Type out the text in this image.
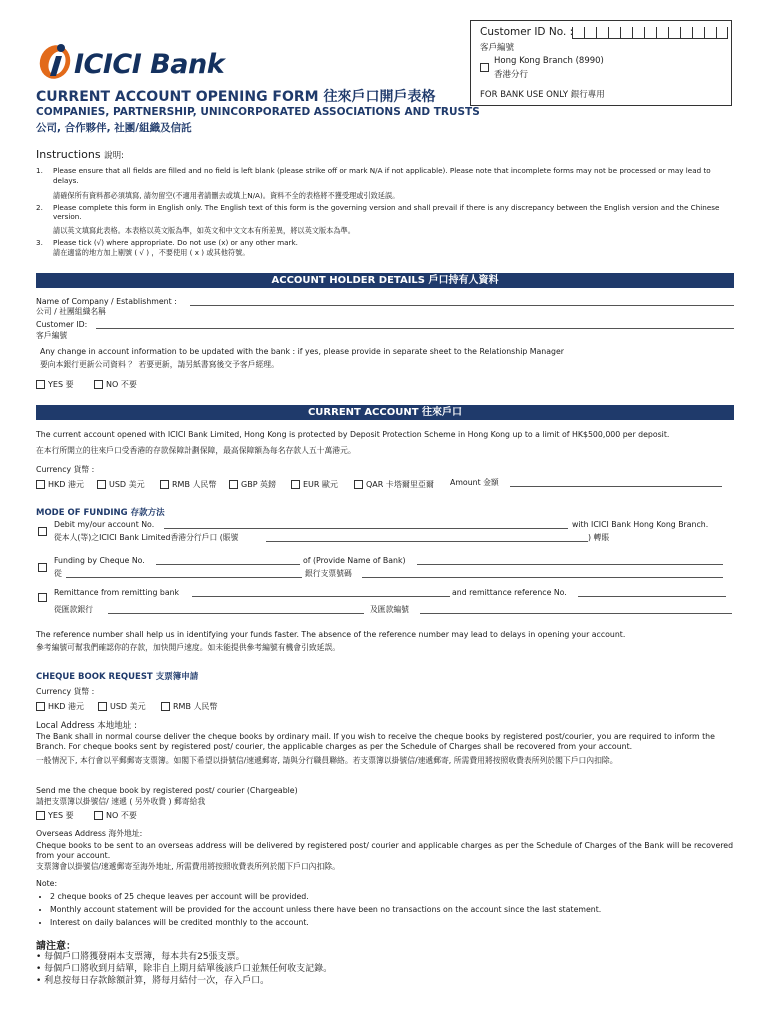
ICICI Bank
CURRENT ACCOUNT OPENING FORM 往來戶口開戶表格
COMPANIES, PARTNERSHIP, UNINCORPORATED ASSOCIATIONS AND TRUSTS
公司, 合作夥伴, 社團/組織及信託
Customer ID No. :
客戶編號
Hong Kong Branch (8990)
香港分行
FOR BANK USE ONLY 銀行專用
Instructions 說明:
1.	Please ensure that all fields are filled and no field is left blank (please strike off or mark N/A if not applicable). Please note that incomplete forms may not be processed or may lead to delays.
請確保所有資料都必須填寫, 請勿留空(不適用者請刪去或填上N/A)。資料不全的表格將不獲受理或引致延誤。
2.	Please complete this form in English only. The English text of this form is the governing version and shall prevail if there is any discrepancy between the English version and the Chinese version.
請以英文填寫此表格。本表格以英文版為準，如英文和中文文本有所差異，將以英文版本為準。
3.	Please tick (√) where appropriate. Do not use (x) or any other mark.
請在適當的地方加上剔號 ( √ ) ，不要使用 ( x ) 或其他符號。
ACCOUNT HOLDER DETAILS 戶口持有人資料
Name of Company / Establishment :
公司 / 社團組織名稱
Customer ID:
客戶編號
Any change in account information to be updated with the bank : if yes, please provide in separate sheet to the Relationship Manager
要向本銀行更新公司資料 ？ 若要更新，請另紙書寫後交予客戶經理。
YES 要	NO 不要
CURRENT ACCOUNT 往來戶口
The current account opened with ICICI Bank Limited, Hong Kong is protected by Deposit Protection Scheme in Hong Kong up to a limit of HK$500,000 per deposit.
在本行所開立的往來戶口受香港的存款保障計劃保障，最高保障額為每名存款人五十萬港元。
Currency 貨幣 :
HKD 港元	USD 美元	RMB 人民幣	GBP 英鎊	EUR 歐元	QAR 卡塔爾里亞爾 Amount 金額
MODE OF FUNDING 存款方法
Debit my/our account No.	with ICICI Bank Hong Kong Branch.
從本人(等)之ICICI Bank Limited香港分行戶口 (賬號	) 轉賬
Funding by Cheque No.	of (Provide Name of Bank)
從	銀行支票號碼
Remittance from remitting bank	and remittance reference No.
從匯款銀行	及匯款編號
The reference number shall help us in identifying your funds faster. The absence of the reference number may lead to delays in opening your account.
參考編號可幫我們確認你的存款，加快開戶速度。如未能提供參考編號有機會引致延誤。
CHEQUE BOOK REQUEST 支票簿申請
Currency 貨幣 :
HKD 港元	USD 美元	RMB 人民幣
Local Address 本地地址 :
The Bank shall in normal course deliver the cheque books by ordinary mail. If you wish to receive the cheque books by registered post/courier, you are required to inform the Branch. For cheque books sent by registered post/ courier, the applicable charges as per the Schedule of Charges shall be recovered from your account.
一般情況下, 本行會以平郵郵寄支票簿。如閣下希望以掛號信/速遞郵寄, 請與分行職員聯絡。若支票簿以掛號信/速遞郵寄, 所需費用將按照收費表所列於閣下戶口內扣除。
Send me the cheque book by registered post/ courier (Chargeable)
請把支票簿以掛號信/ 速遞 ( 另外收費 ) 郵寄給我
YES 要	NO 不要
Overseas Address 海外地址:
Cheque books to be sent to an overseas address will be delivered by registered post/ courier and applicable charges as per the Schedule of Charges of the Bank will be recovered from your account.
支票簿會以掛號信/速遞郵寄至海外地址, 所需費用將按照收費表所列於閣下戶口內扣除。
Note:
• 2 cheque books of 25 cheque leaves per account will be provided.
• Monthly account statement will be provided for the account unless there have been no transactions on the account since the last statement.
• Interest on daily balances will be credited monthly to the account.
請注意：
• 每個戶口將獲發兩本支票簿，每本共有25張支票。
• 每個戶口將收到月結單，除非自上期月結單後該戶口並無任何收支記錄。
• 利息按每日存款餘額計算，將每月結付一次，存入戶口。
